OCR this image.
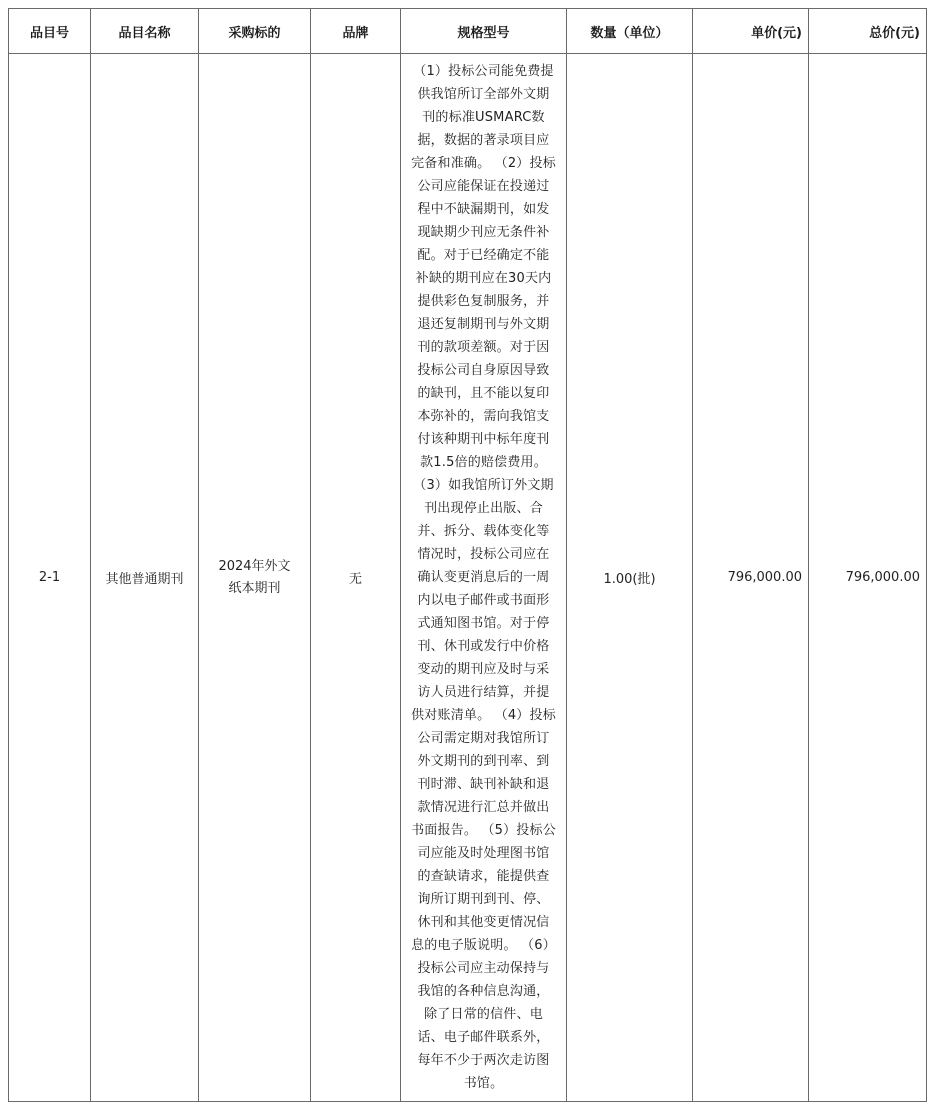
品目号	品目名称	采购标的	品牌	规格型号	数量（单位）	单价(元)	总价(元)
2-1	其他普通期刊	2024年外文纸本期刊	无	（1）投标公司能免费提供我馆所订全部外文期刊的标准USMARC数据，数据的著录项目应完备和准确。 （2）投标公司应能保证在投递过程中不缺漏期刊，如发现缺期少刊应无条件补配。对于已经确定不能补缺的期刊应在30天内提供彩色复制服务，并退还复制期刊与外文期刊的款项差额。对于因投标公司自身原因导致的缺刊，且不能以复印本弥补的，需向我馆支付该种期刊中标年度刊款1.5倍的赔偿费用。 （3）如我馆所订外文期刊出现停止出版、合并、拆分、载体变化等情况时，投标公司应在确认变更消息后的一周内以电子邮件或书面形式通知图书馆。对于停刊、休刊或发行中价格变动的期刊应及时与采访人员进行结算，并提供对账清单。 （4）投标公司需定期对我馆所订外文期刊的到刊率、到刊时滞、缺刊补缺和退款情况进行汇总并做出书面报告。 （5）投标公司应能及时处理图书馆的查缺请求，能提供查询所订期刊到刊、停、休刊和其他变更情况信息的电子版说明。 （6）投标公司应主动保持与我馆的各种信息沟通，除了日常的信件、电话、电子邮件联系外，每年不少于两次走访图书馆。	1.00(批)	796,000.00	796,000.00
